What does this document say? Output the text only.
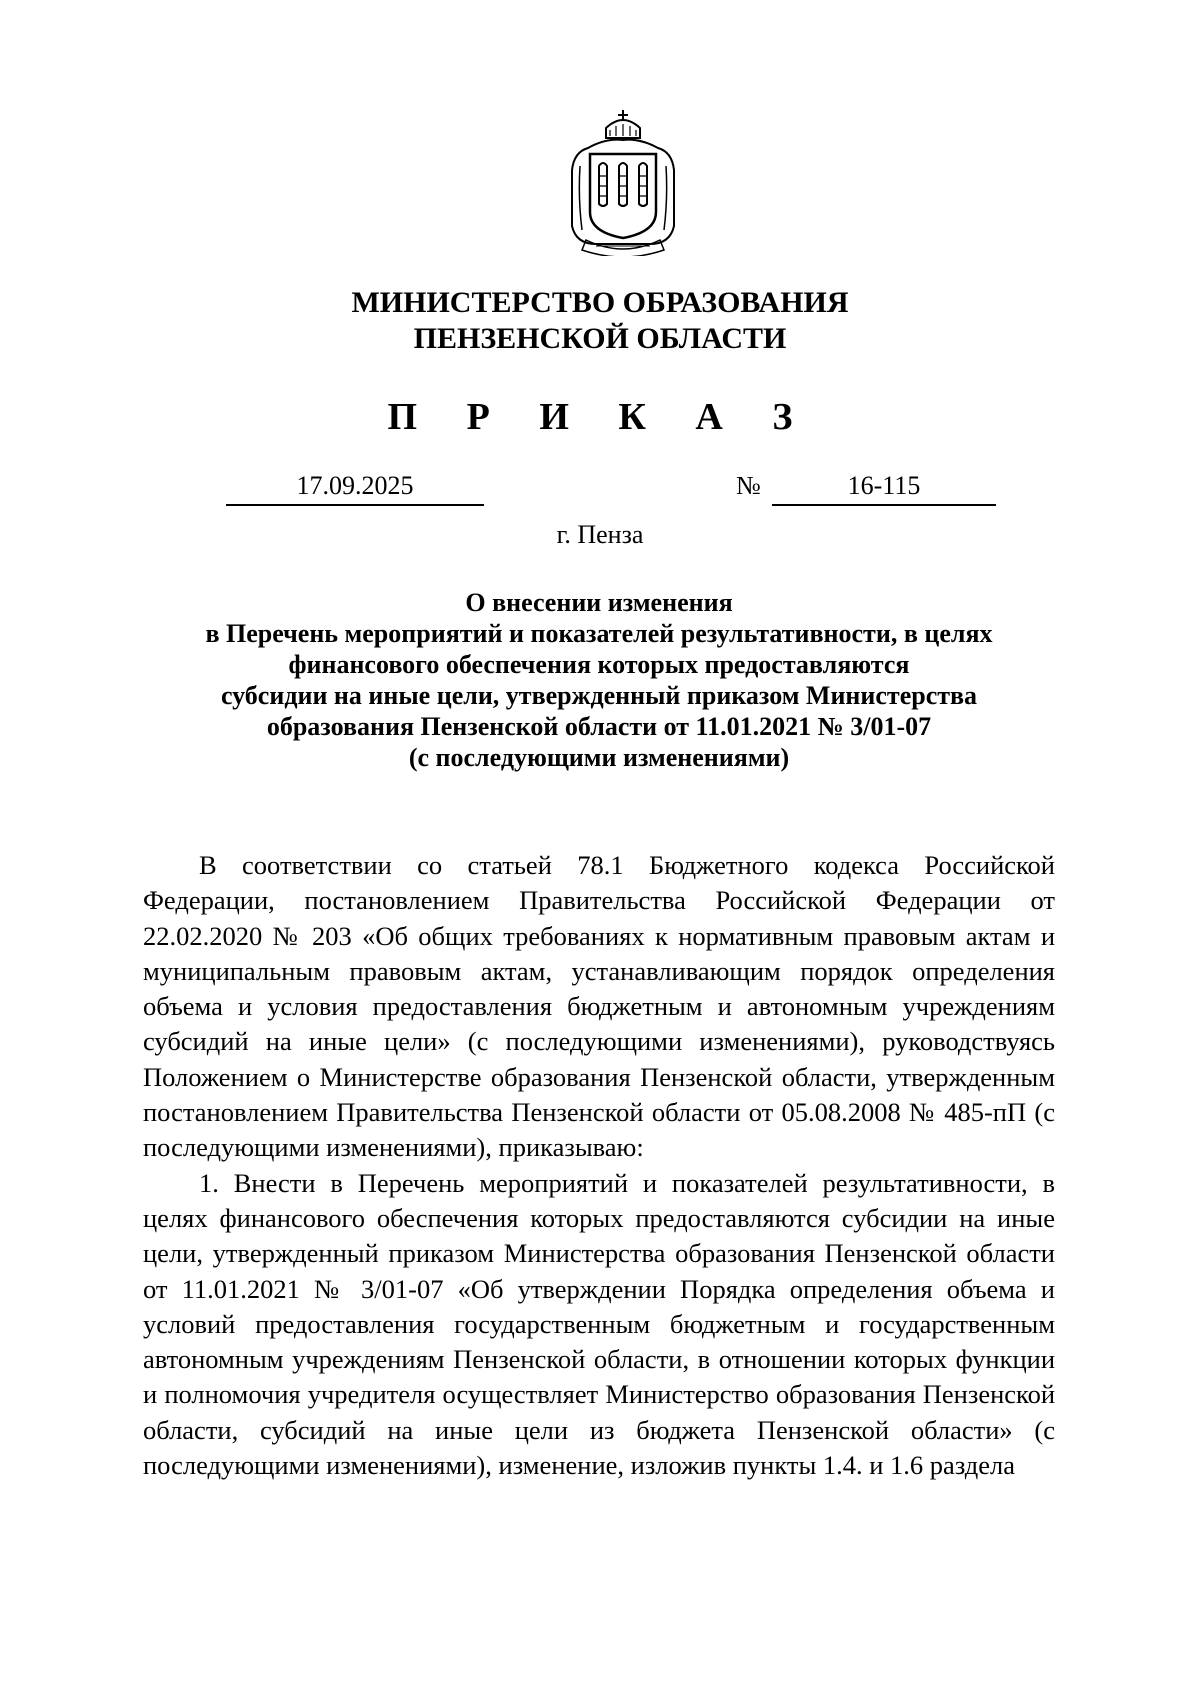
МИНИСТЕРСТВО ОБРАЗОВАНИЯ
ПЕНЗЕНСКОЙ ОБЛАСТИ
П Р И К А З
17.09.2025	№	16-115
г. Пенза
О внесении изменения
в Перечень мероприятий и показателей результативности, в целях
финансового обеспечения которых предоставляются
субсидии на иные цели, утвержденный приказом Министерства
образования Пензенской области от 11.01.2021 № 3/01-07
(с последующими изменениями)

В соответствии со статьей 78.1 Бюджетного кодекса Российской Федерации, постановлением Правительства Российской Федерации от 22.02.2020 № 203 «Об общих требованиях к нормативным правовым актам и муниципальным правовым актам, устанавливающим порядок определения объема и условия предоставления бюджетным и автономным учреждениям субсидий на иные цели» (с последующими изменениями), руководствуясь Положением о Министерстве образования Пензенской области, утвержденным постановлением Правительства Пензенской области от 05.08.2008 № 485-пП (с последующими изменениями), приказываю:

1. Внести в Перечень мероприятий и показателей результативности, в целях финансового обеспечения которых предоставляются субсидии на иные цели, утвержденный приказом Министерства образования Пензенской области от 11.01.2021 № 3/01-07 «Об утверждении Порядка определения объема и условий предоставления государственным бюджетным и государственным автономным учреждениям Пензенской области, в отношении которых функции и полномочия учредителя осуществляет Министерство образования Пензенской области, субсидий на иные цели из бюджета Пензенской области» (с последующими изменениями), изменение, изложив пункты 1.4. и 1.6 раздела
